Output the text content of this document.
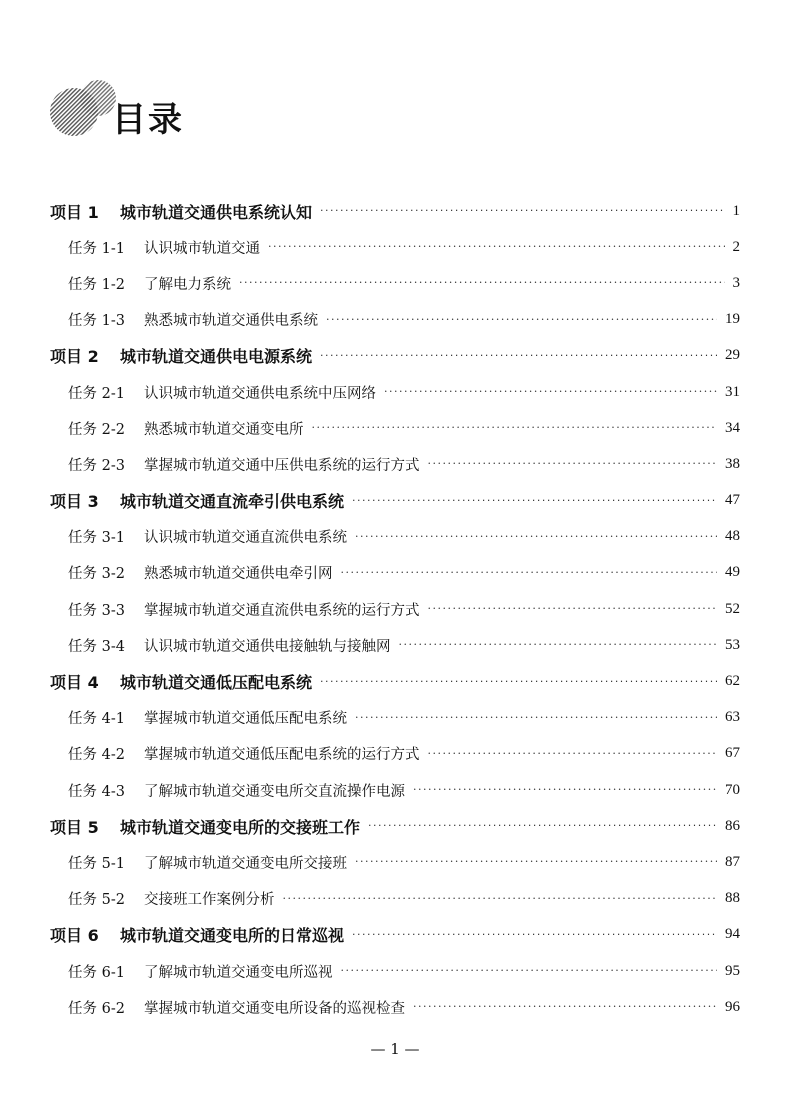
目录
项目 1	城市轨道交通供电系统认知 ·····	1
任务 1-1	认识城市轨道交通 ·····	2
任务 1-2	了解电力系统 ·····	3
任务 1-3	熟悉城市轨道交通供电系统 ·····	19
项目 2	城市轨道交通供电电源系统 ·····	29
任务 2-1	认识城市轨道交通供电系统中压网络 ·····	31
任务 2-2	熟悉城市轨道交通变电所 ·····	34
任务 2-3	掌握城市轨道交通中压供电系统的运行方式 ·····	38
项目 3	城市轨道交通直流牵引供电系统 ·····	47
任务 3-1	认识城市轨道交通直流供电系统 ·····	48
任务 3-2	熟悉城市轨道交通供电牵引网 ·····	49
任务 3-3	掌握城市轨道交通直流供电系统的运行方式 ·····	52
任务 3-4	认识城市轨道交通供电接触轨与接触网 ·····	53
项目 4	城市轨道交通低压配电系统 ·····	62
任务 4-1	掌握城市轨道交通低压配电系统 ·····	63
任务 4-2	掌握城市轨道交通低压配电系统的运行方式 ·····	67
任务 4-3	了解城市轨道交通变电所交直流操作电源 ·····	70
项目 5	城市轨道交通变电所的交接班工作 ·····	86
任务 5-1	了解城市轨道交通变电所交接班 ·····	87
任务 5-2	交接班工作案例分析 ·····	88
项目 6	城市轨道交通变电所的日常巡视 ·····	94
任务 6-1	了解城市轨道交通变电所巡视 ·····	95
任务 6-2	掌握城市轨道交通变电所设备的巡视检查 ·····	96
— 1 —
